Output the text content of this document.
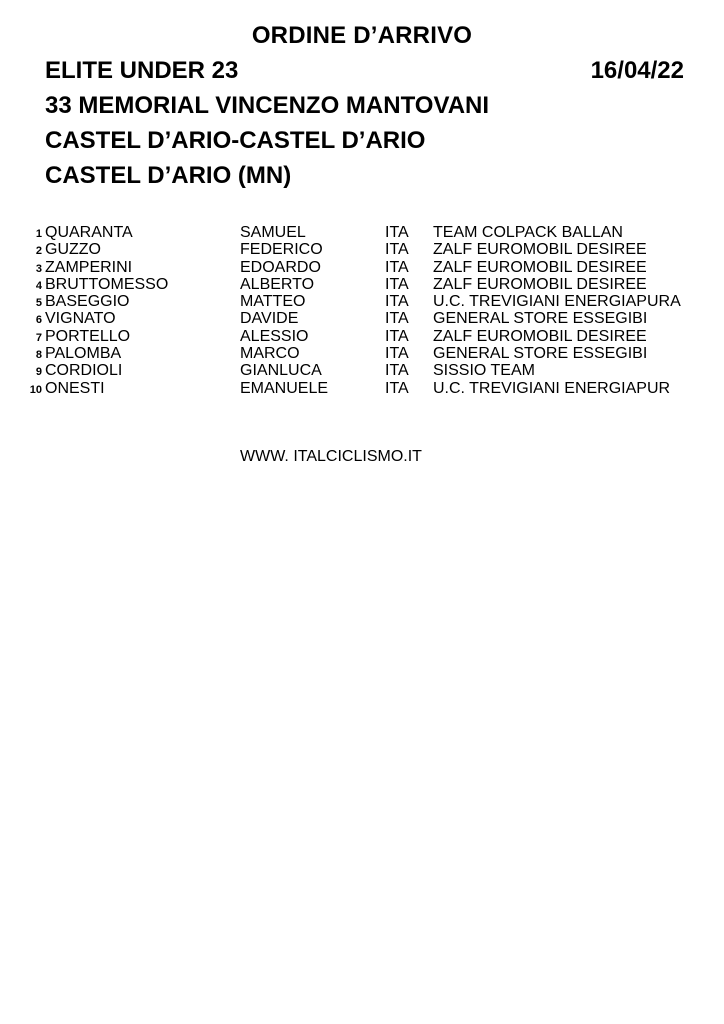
ORDINE D’ARRIVO
ELITE UNDER 23	16/04/22
33 MEMORIAL VINCENZO MANTOVANI
CASTEL D’ARIO-CASTEL D’ARIO
CASTEL D’ARIO (MN)
1 QUARANTA	SAMUEL	ITA TEAM COLPACK BALLAN
2 GUZZO	FEDERICO	ITA ZALF EUROMOBIL DESIREE
3 ZAMPERINI	EDOARDO	ITA ZALF EUROMOBIL DESIREE
4 BRUTTOMESSO	ALBERTO	ITA ZALF EUROMOBIL DESIREE
5 BASEGGIO	MATTEO	ITA U.C. TREVIGIANI ENERGIAPURA
6 VIGNATO	DAVIDE	ITA GENERAL STORE ESSEGIBI
7 PORTELLO	ALESSIO	ITA ZALF EUROMOBIL DESIREE
8 PALOMBA	MARCO	ITA GENERAL STORE ESSEGIBI
9 CORDIOLI	GIANLUCA	ITA SISSIO TEAM
10 ONESTI	EMANUELE	ITA U.C. TREVIGIANI ENERGIAPUR
WWW. ITALCICLISMO.IT
